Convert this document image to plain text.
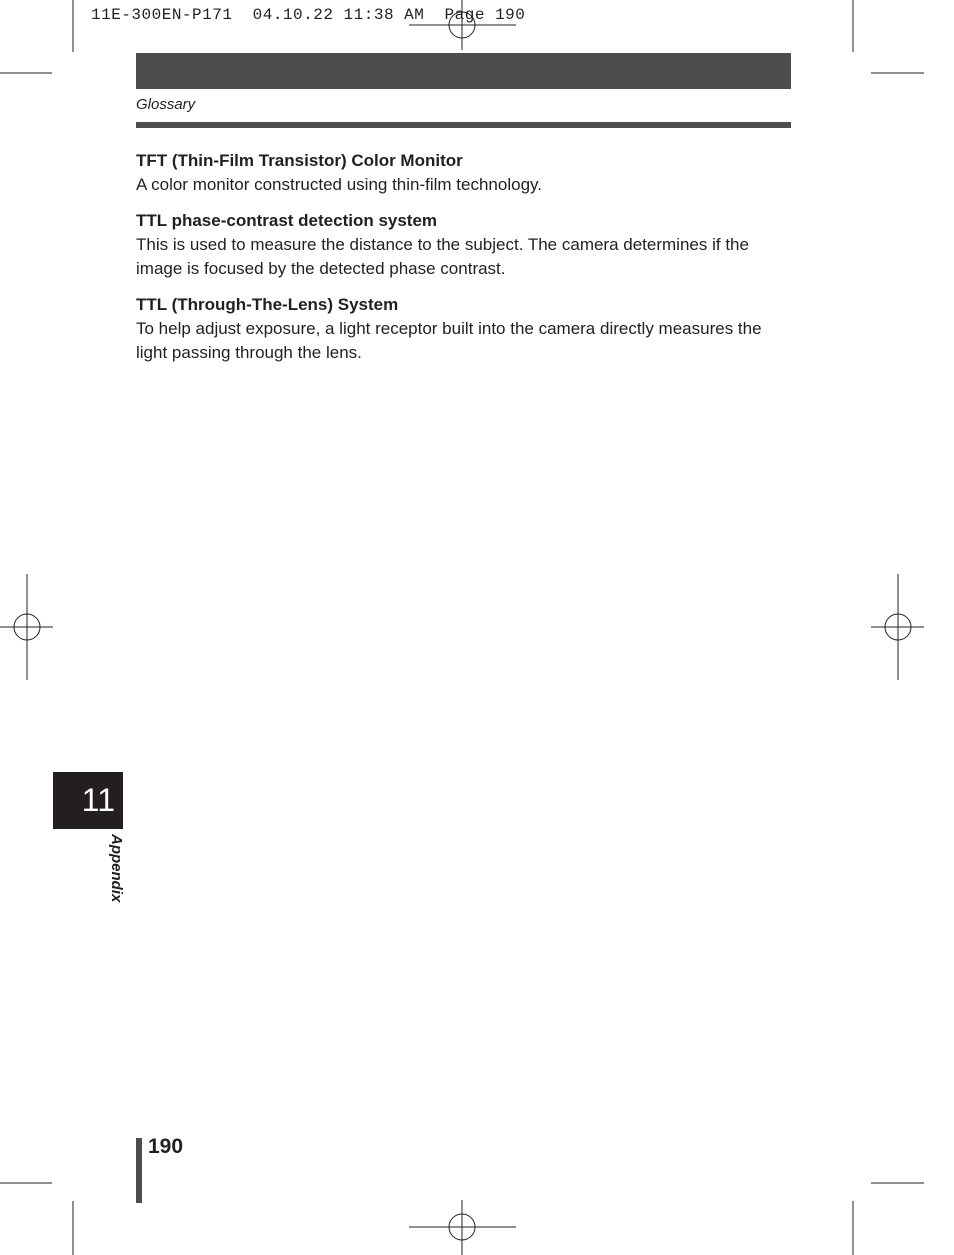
11E-300EN-P171  04.10.22 11:38 AM  Page 190
Glossary

TFT (Thin-Film Transistor) Color Monitor

A color monitor constructed using thin-film technology.

TTL phase-contrast detection system

This is used to measure the distance to the subject. The camera determines if the image is focused by the detected phase contrast.

TTL (Through-The-Lens) System

To help adjust exposure, a light receptor built into the camera directly measures the light passing through the lens.

11
Appendix
190
